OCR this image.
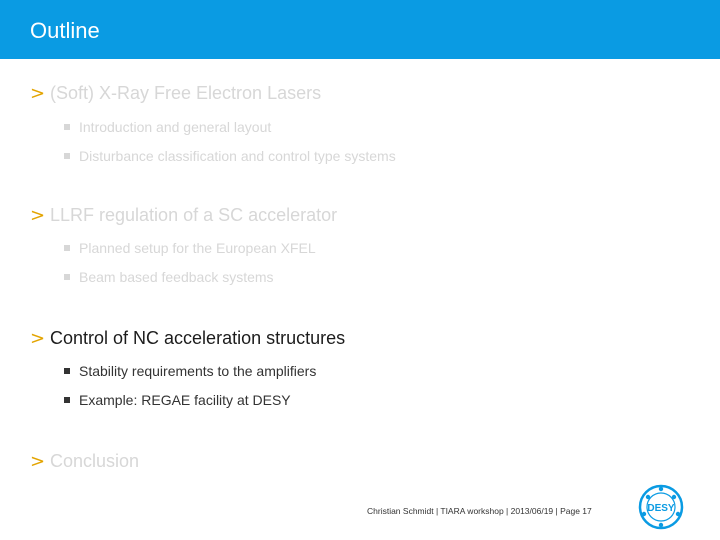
Outline
> (Soft) X-Ray Free Electron Lasers
Introduction and general layout
Disturbance classification and control type systems
> LLRF regulation of a SC accelerator
Planned setup for the European XFEL
Beam based feedback systems
> Control of NC acceleration structures
Stability requirements to the amplifiers
Example: REGAE facility at DESY
> Conclusion
Christian Schmidt | TIARA workshop | 2013/06/19 | Page 17	DESY
